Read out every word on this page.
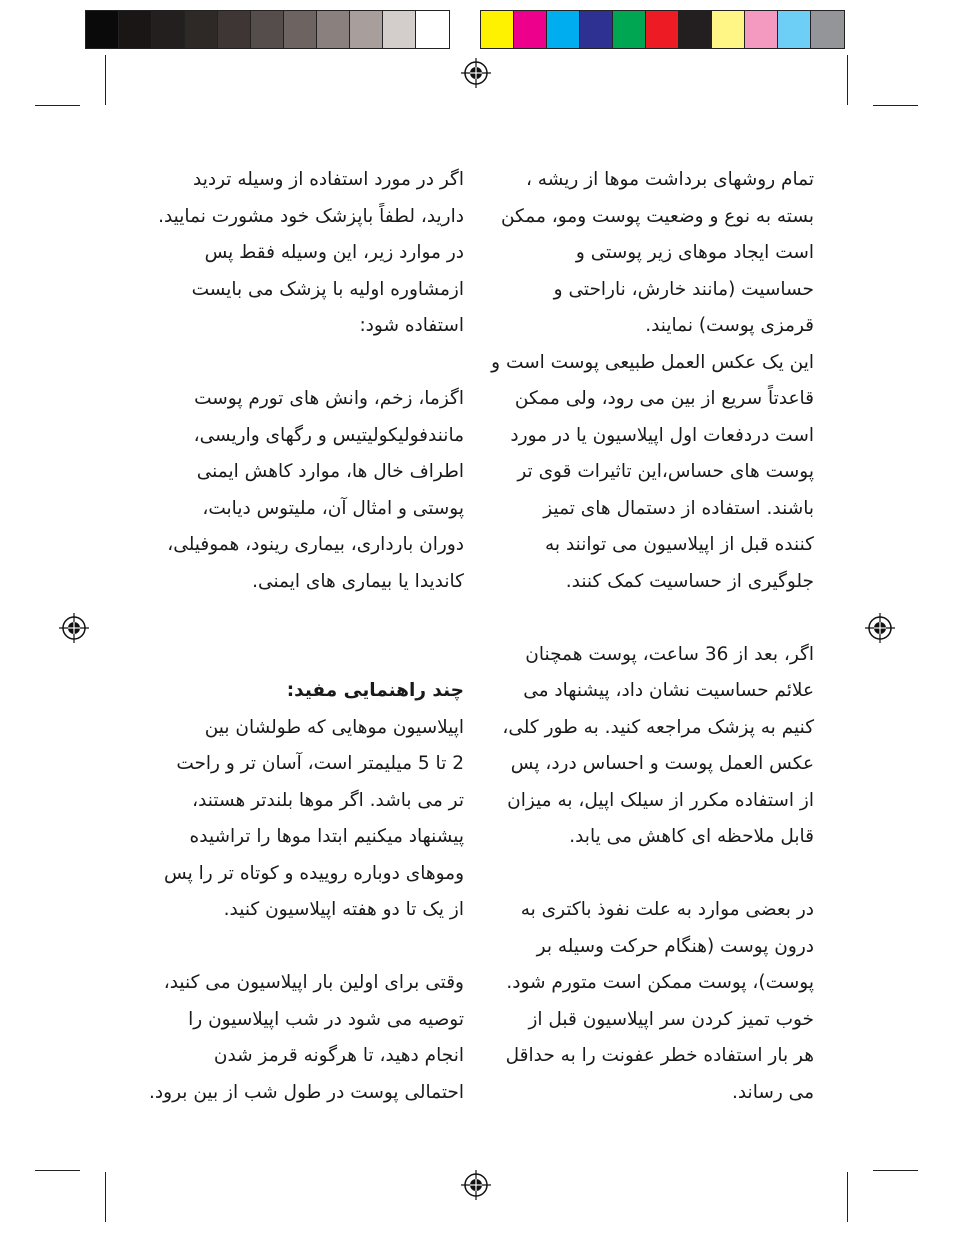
تمام روشهای برداشت موها از ریشه ،

بسته به نوع و وضعیت پوست ومو، ممکن

است ایجاد موهای زیر پوستی و

حساسیت (مانند خارش، ناراحتی و

قرمزی پوست) نمایند.

این یک عکس العمل طبیعی پوست است و

قاعدتاً سریع از بین می رود، ولی ممکن

است دردفعات اول اپیلاسیون یا در مورد

پوست های حساس،این تاثیرات قوی تر

باشند. استفاده از دستمال های تمیز

کننده قبل از اپیلاسیون می توانند به

جلوگیری از حساسیت کمک کنند.

اگر، بعد از 36 ساعت، پوست همچنان

علائم حساسیت نشان داد، پیشنهاد می

کنیم به پزشک مراجعه کنید. به طور کلی،

عکس العمل پوست و احساس درد، پس

از استفاده مکرر از سیلک اپیل، به میزان

قابل ملاحظه ای کاهش می یابد.

در بعضی موارد به علت نفوذ باکتری به

درون پوست (هنگام حرکت وسیله بر

پوست)، پوست ممکن است متورم شود.

خوب تمیز کردن سر اپیلاسیون قبل از

هر بار استفاده خطر عفونت را به حداقل

می رساند.

اگر در مورد استفاده از وسیله تردید

دارید، لطفاً باپزشک خود مشورت نمایید.

در موارد زیر، این وسیله فقط پس

ازمشاوره اولیه با پزشک می بایست

استفاده شود:

اگزما، زخم، وانش های تورم پوست

مانندفولیکولیتیس و رگهای واریسی،

اطراف خال ها، موارد کاهش ایمنی

پوستی و امثال آن، ملیتوس دیابت،

دوران بارداری، بیماری رینود، هموفیلی،

کاندیدا یا بیماری های ایمنی.

چند راهنمایی مفید:

اپیلاسیون موهایی که طولشان بین

2 تا 5 میلیمتر است، آسان تر و راحت

تر می باشد. اگر موها بلندتر هستند،

پیشنهاد میکنیم ابتدا موها را تراشیده

وموهای دوباره روییده و کوتاه تر را پس

از یک تا دو هفته اپیلاسیون کنید.

وقتی برای اولین بار اپیلاسیون می کنید،

توصیه می شود در شب اپیلاسیون را

انجام دهید، تا هرگونه قرمز شدن

احتمالی پوست در طول شب از بین برود.
